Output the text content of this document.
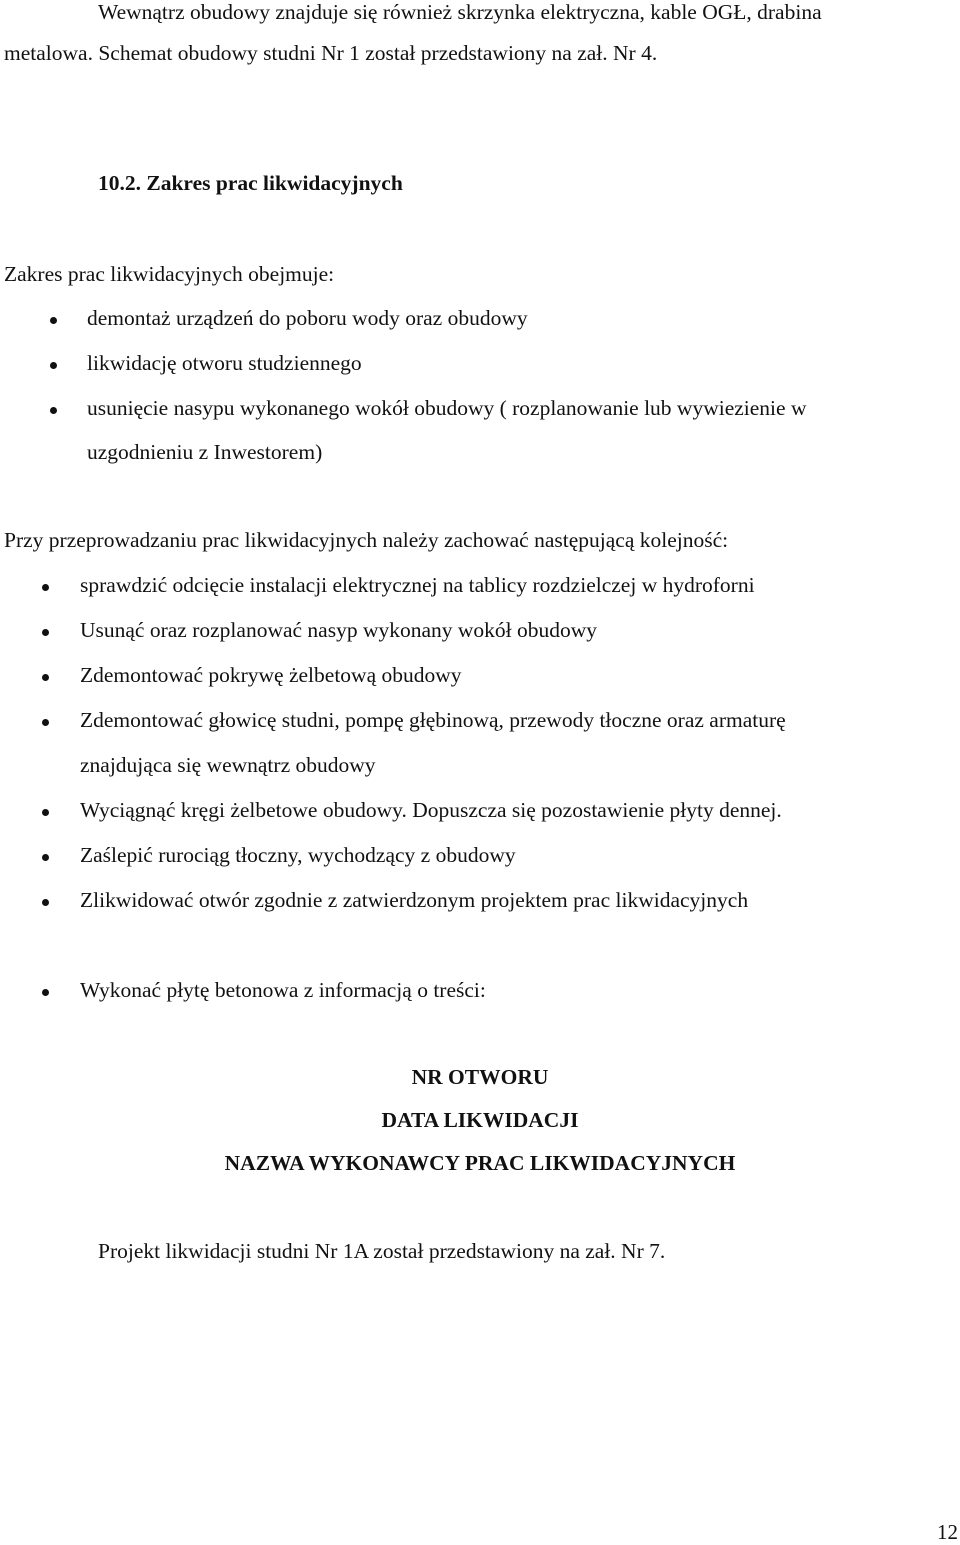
Wewnątrz obudowy znajduje się również skrzynka elektryczna, kable OGŁ, drabina
metalowa. Schemat obudowy studni Nr 1 został przedstawiony na zał. Nr 4.
10.2. Zakres prac likwidacyjnych
Zakres prac likwidacyjnych obejmuje:
demontaż urządzeń do poboru wody oraz obudowy
likwidację otworu studziennego
usunięcie nasypu wykonanego wokół obudowy ( rozplanowanie lub wywiezienie w
uzgodnieniu z Inwestorem)
Przy przeprowadzaniu prac likwidacyjnych należy zachować następującą kolejność:
sprawdzić odcięcie instalacji elektrycznej na tablicy rozdzielczej w hydroforni
Usunąć oraz rozplanować nasyp wykonany wokół obudowy
Zdemontować pokrywę żelbetową obudowy
Zdemontować głowicę studni, pompę głębinową, przewody tłoczne oraz armaturę
znajdująca się wewnątrz obudowy
Wyciągnąć kręgi żelbetowe obudowy. Dopuszcza się pozostawienie płyty dennej.
Zaślepić rurociąg tłoczny, wychodzący z obudowy
Zlikwidować otwór zgodnie z zatwierdzonym projektem prac likwidacyjnych
Wykonać płytę betonowa z informacją o treści:
NR OTWORU
DATA LIKWIDACJI
NAZWA WYKONAWCY PRAC LIKWIDACYJNYCH
Projekt likwidacji studni Nr 1A został przedstawiony na zał. Nr 7.
12
